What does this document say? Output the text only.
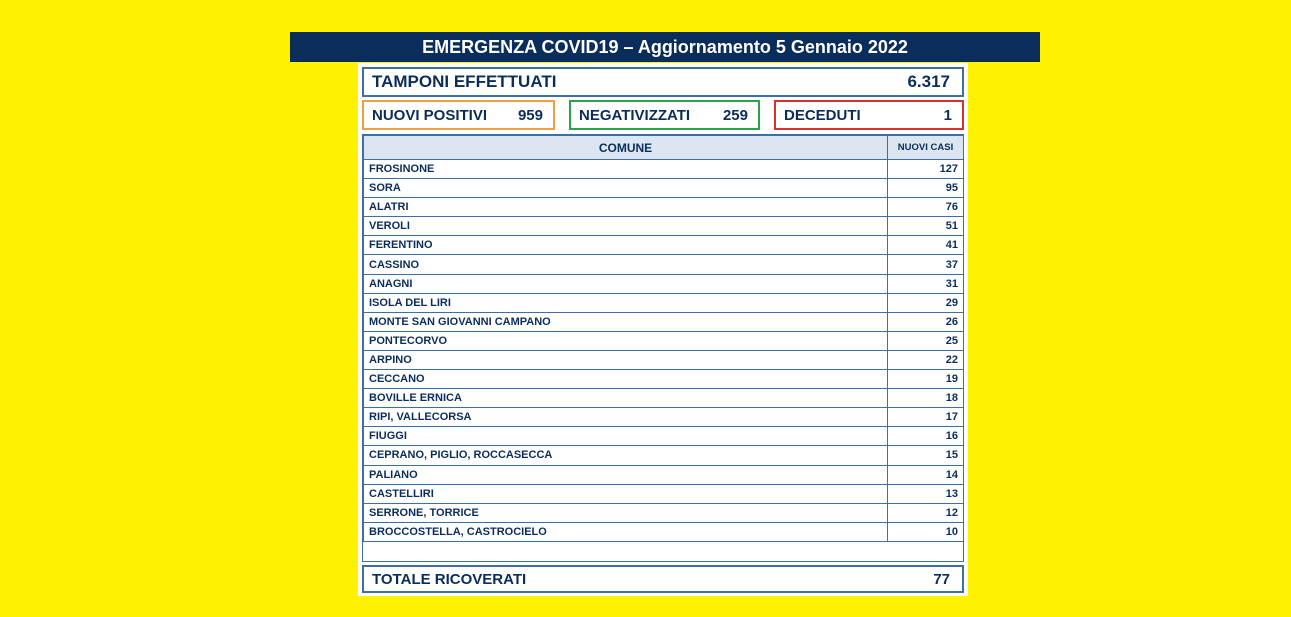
EMERGENZA COVID19 – Aggiornamento 5 Gennaio 2022
TAMPONI EFFETTUATI	6.317
NUOVI POSITIVI 959 NEGATIVIZZATI 259 DECEDUTI	1
COMUNE	NUOVI CASI
FROSINONE	127
SORA	95
ALATRI	76
VEROLI	51
FERENTINO	41
CASSINO	37
ANAGNI	31
ISOLA DEL LIRI	29
MONTE SAN GIOVANNI CAMPANO	26
PONTECORVO	25
ARPINO	22
CECCANO	19
BOVILLE ERNICA	18
RIPI, VALLECORSA	17
FIUGGI	16
CEPRANO, PIGLIO, ROCCASECCA	15
PALIANO	14
CASTELLIRI	13
SERRONE, TORRICE	12
BROCCOSTELLA, CASTROCIELO	10
TOTALE RICOVERATI	77
